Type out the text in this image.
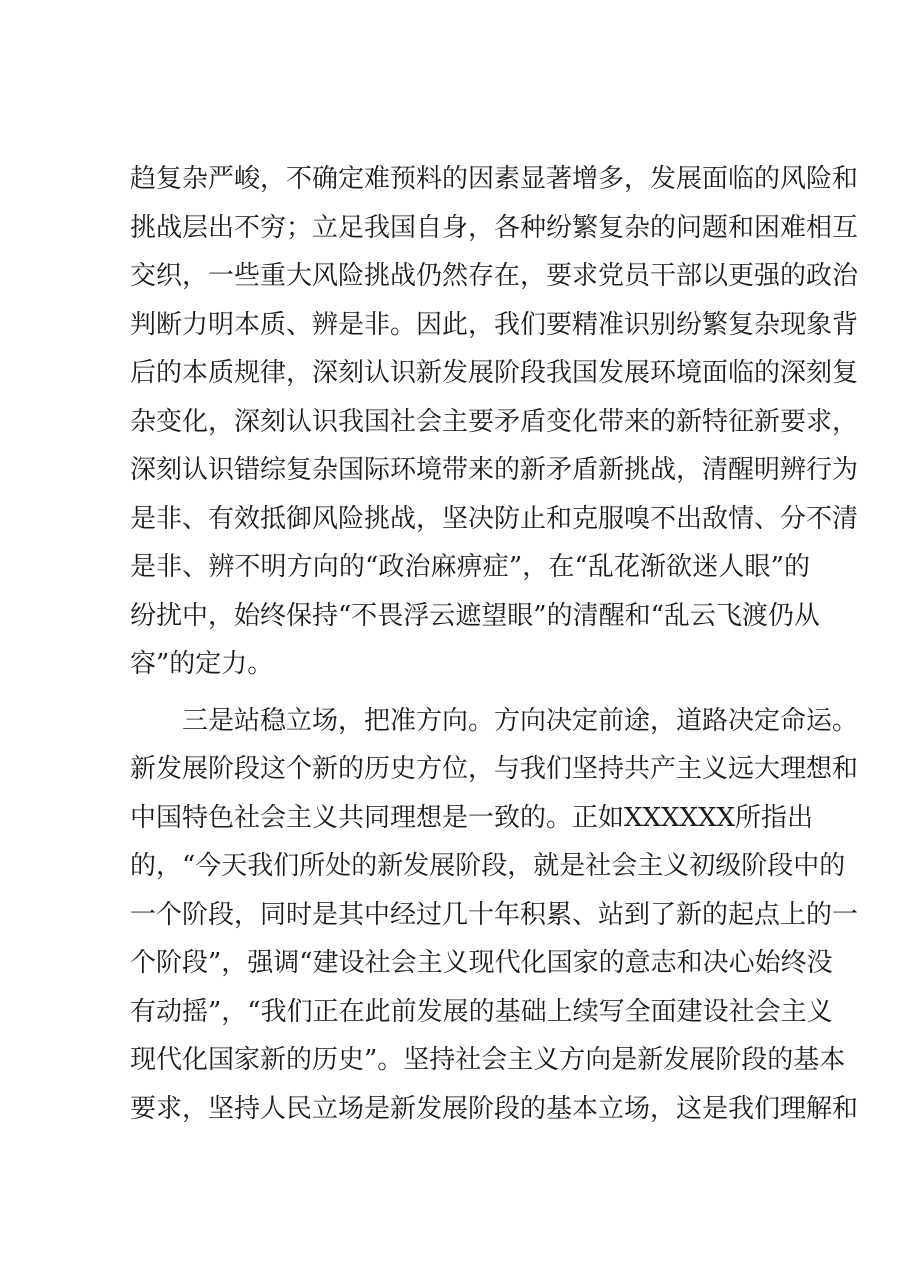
趋复杂严峻，不确定难预料的因素显著增多，发展面临的风险和
挑战层出不穷；立足我国自身，各种纷繁复杂的问题和困难相互
交织，一些重大风险挑战仍然存在，要求党员干部以更强的政治
判断力明本质、辨是非。因此，我们要精准识别纷繁复杂现象背
后的本质规律，深刻认识新发展阶段我国发展环境面临的深刻复
杂变化，深刻认识我国社会主要矛盾变化带来的新特征新要求，
深刻认识错综复杂国际环境带来的新矛盾新挑战，清醒明辨行为
是非、有效抵御风险挑战，坚决防止和克服嗅不出敌情、分不清
是非、辨不明方向的“政治麻痹症”，在“乱花渐欲迷人眼”的
纷扰中，始终保持“不畏浮云遮望眼”的清醒和“乱云飞渡仍从
容”的定力。
三是站稳立场，把准方向。方向决定前途，道路决定命运。
新发展阶段这个新的历史方位，与我们坚持共产主义远大理想和
中国特色社会主义共同理想是一致的。正如XXXXXX所指出
的，“今天我们所处的新发展阶段，就是社会主义初级阶段中的
一个阶段，同时是其中经过几十年积累、站到了新的起点上的一
个阶段”，强调“建设社会主义现代化国家的意志和决心始终没
有动摇”，“我们正在此前发展的基础上续写全面建设社会主义
现代化国家新的历史”。坚持社会主义方向是新发展阶段的基本
要求，坚持人民立场是新发展阶段的基本立场，这是我们理解和
